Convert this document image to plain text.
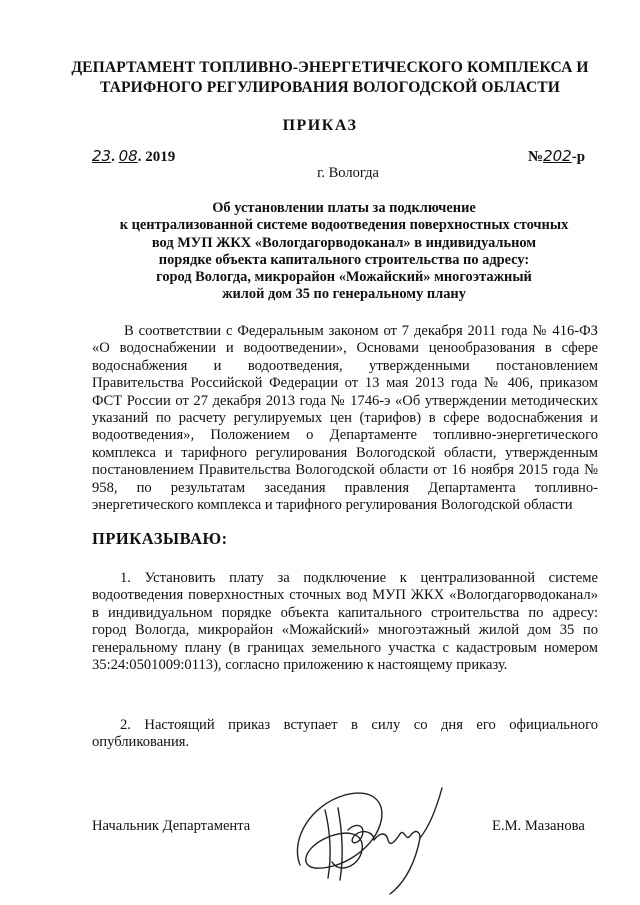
ДЕПАРТАМЕНТ ТОПЛИВНО-ЭНЕРГЕТИЧЕСКОГО КОМПЛЕКСА И
ТАРИФНОГО РЕГУЛИРОВАНИЯ ВОЛОГОДСКОЙ ОБЛАСТИ
ПРИКАЗ
23. 08. 2019	№202-р
г. Вологда
Об установлении платы за подключение
к централизованной системе водоотведения поверхностных сточных
вод МУП ЖКХ «Вологдагорводоканал» в индивидуальном
порядке объекта капитального строительства по адресу:
город Вологда, микрорайон «Можайский» многоэтажный
жилой дом 35 по генеральному плану

В соответствии с Федеральным законом от 7 декабря 2011 года № 416-ФЗ «О водоснабжении и водоотведении», Основами ценообразования в сфере водоснабжения и водоотведения, утвержденными постановлением Правительства Российской Федерации от 13 мая 2013 года № 406, приказом ФСТ России от 27 декабря 2013 года № 1746-э «Об утверждении методических указаний по расчету регулируемых цен (тарифов) в сфере водоснабжения и водоотведения», Положением о Департаменте топливно-энергетического комплекса и тарифного регулирования Вологодской области, утвержденным постановлением Правительства Вологодской области от 16 ноября 2015 года № 958, по результатам заседания правления Департамента топливно-энергетического комплекса и тарифного регулирования Вологодской области

ПРИКАЗЫВАЮ:

1. Установить плату за подключение к централизованной системе водоотведения поверхностных сточных вод МУП ЖКХ «Вологдагорводоканал» в индивидуальном порядке объекта капитального строительства по адресу: город Вологда, микрорайон «Можайский» многоэтажный жилой дом 35 по генеральному плану (в границах земельного участка с кадастровым номером 35:24:0501009:0113), согласно приложению к настоящему приказу.

2. Настоящий приказ вступает в силу со дня его официального опубликования.

Начальник Департамента	Е.М. Мазанова
